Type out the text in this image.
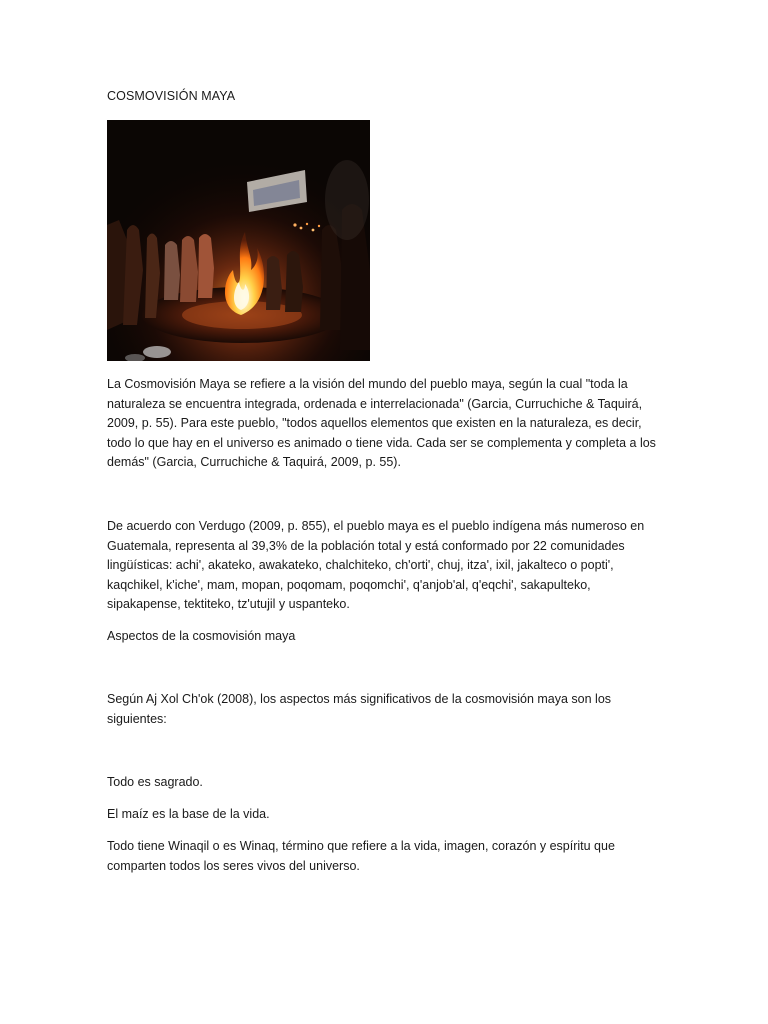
COSMOVISIÓN MAYA

La Cosmovisión Maya se refiere a la visión del mundo del pueblo maya, según la cual "toda la naturaleza se encuentra integrada, ordenada e interrelacionada" (Garcia, Curruchiche & Taquirá, 2009, p. 55). Para este pueblo, "todos aquellos elementos que existen en la naturaleza, es decir, todo lo que hay en el universo es animado o tiene vida. Cada ser se complementa y completa a los demás" (Garcia, Curruchiche & Taquirá, 2009, p. 55).

De acuerdo con Verdugo (2009, p. 855), el pueblo maya es el pueblo indígena más numeroso en Guatemala, representa al 39,3% de la población total y está conformado por 22 comunidades lingüísticas: achi', akateko, awakateko, chalchiteko, ch'orti', chuj, itza', ixil, jakalteco o popti', kaqchikel, k'iche', mam, mopan, poqomam, poqomchi', q'anjob'al, q'eqchi', sakapulteko, sipakapense, tektiteko, tz'utujil y uspanteko.

Aspectos de la cosmovisión maya

Según Aj Xol Ch'ok (2008), los aspectos más significativos de la cosmovisión maya son los siguientes:

Todo es sagrado.

El maíz es la base de la vida.

Todo tiene Winaqil o es Winaq, término que refiere a la vida, imagen, corazón y espíritu que comparten todos los seres vivos del universo.
